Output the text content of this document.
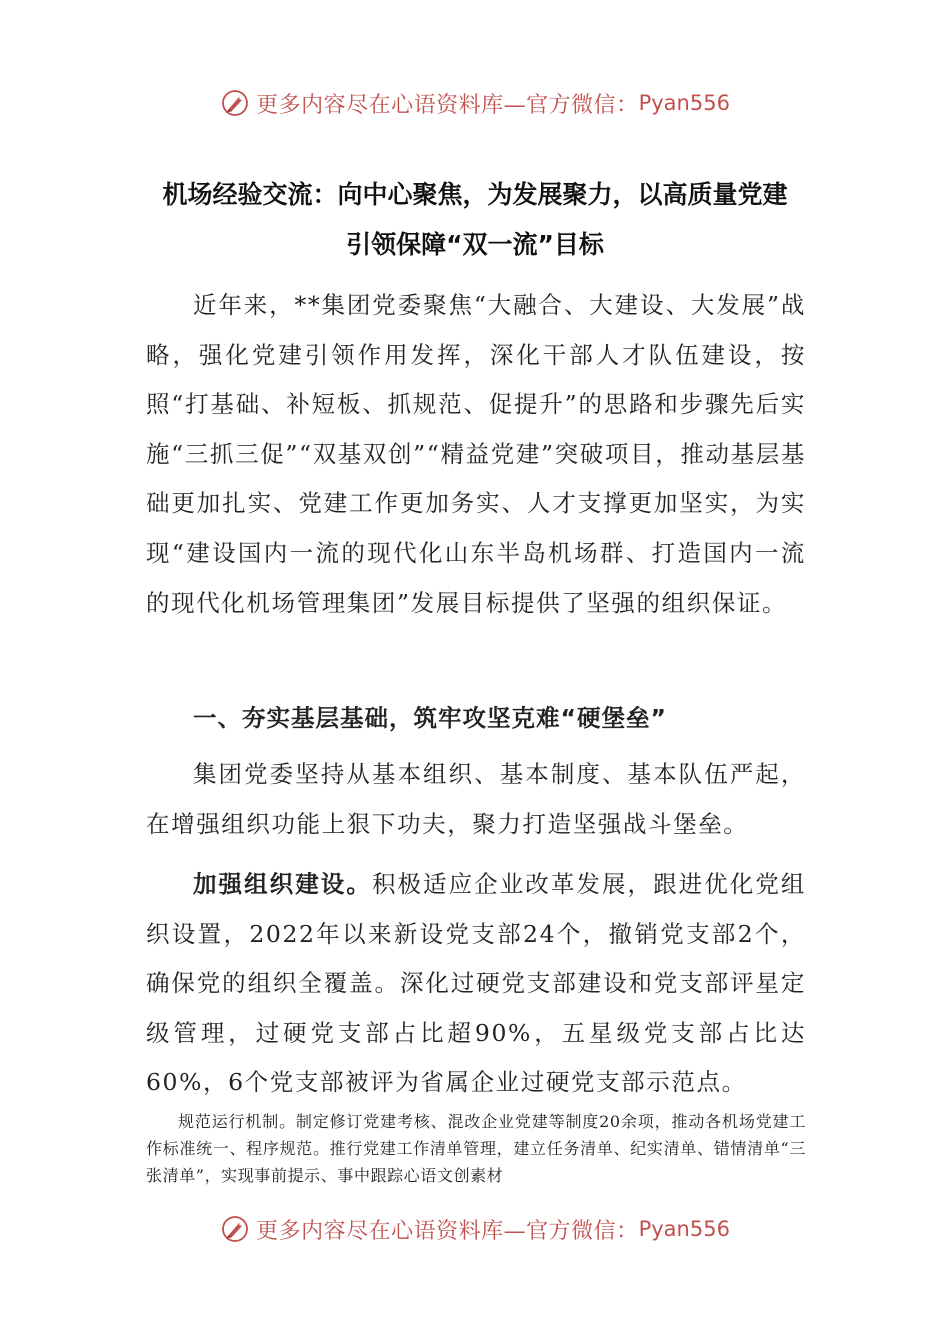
更多内容尽在心语资料库—官方微信： Pyan556
机场经验交流：向中心聚焦，为发展聚力，以高质量党建
引领保障“双一流”目标

近年来，**集团党委聚焦“大融合、大建设、大发展”战略，强化党建引领作用发挥，深化干部人才队伍建设，按照“打基础、补短板、抓规范、促提升”的思路和步骤先后实施“三抓三促”“双基双创”“精益党建”突破项目，推动基层基础更加扎实、党建工作更加务实、人才支撑更加坚实，为实现“建设国内一流的现代化山东半岛机场群、打造国内一流的现代化机场管理集团”发展目标提供了坚强的组织保证。

一、夯实基层基础，筑牢攻坚克难“硬堡垒”

集团党委坚持从基本组织、基本制度、基本队伍严起，在增强组织功能上狠下功夫，聚力打造坚强战斗堡垒。

加强组织建设。积极适应企业改革发展，跟进优化党组织设置，2022年以来新设党支部24个，撤销党支部2个，确保党的组织全覆盖。深化过硬党支部建设和党支部评星定级管理，过硬党支部占比超90%，五星级党支部占比达60%，6个党支部被评为省属企业过硬党支部示范点。

规范运行机制。制定修订党建考核、混改企业党建等制度20余项，推动各机场党建工作标准统一、程序规范。推行党建工作清单管理，建立任务清单、纪实清单、错情清单“三张清单”，实现事前提示、事中跟踪心语文创素材

更多内容尽在心语资料库—官方微信： Pyan556
